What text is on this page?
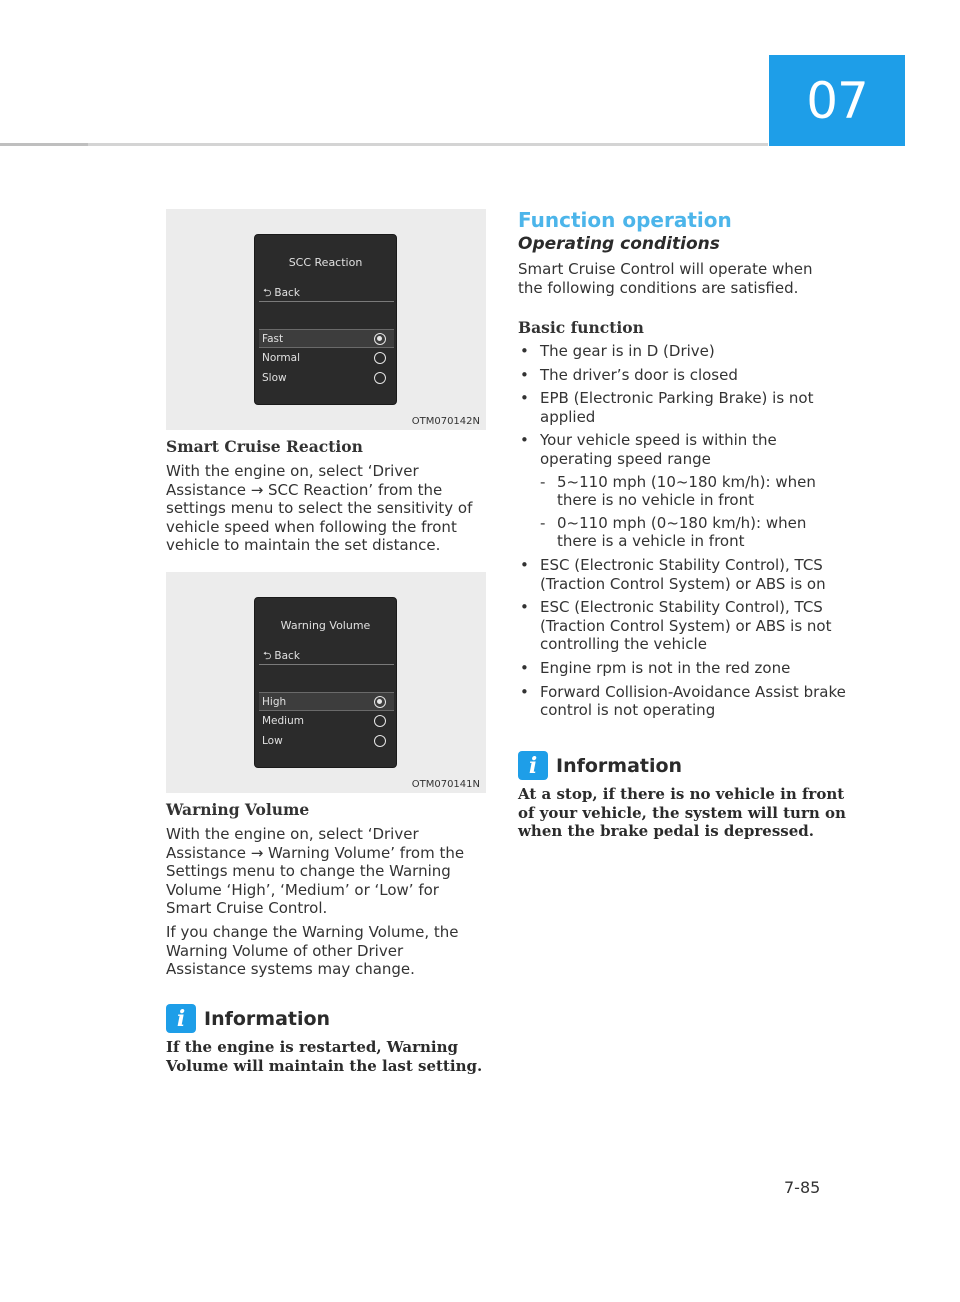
07
SCC Reaction
⮌ Back
Fast
Normal
Slow
OTM070142N
Smart Cruise Reaction
With the engine on, select ‘Driver Assistance → SCC Reaction’ from the settings menu to select the sensitivity of vehicle speed when following the front vehicle to maintain the set distance.
Warning Volume
⮌ Back
High
Medium
Low
OTM070141N
Warning Volume
With the engine on, select ‘Driver Assistance → Warning Volume’ from the Settings menu to change the Warning Volume ‘High’, ‘Medium’ or ‘Low’ for Smart Cruise Control.
If you change the Warning Volume, the Warning Volume of other Driver Assistance systems may change.
i Information
If the engine is restarted, Warning Volume will maintain the last setting.
Function operation
Operating conditions
Smart Cruise Control will operate when the following conditions are satisfied.
Basic function
• The gear is in D (Drive)
• The driver’s door is closed
• EPB (Electronic Parking Brake) is not applied
• Your vehicle speed is within the operating speed range
- 5~110 mph (10~180 km/h): when there is no vehicle in front
- 0~110 mph (0~180 km/h): when there is a vehicle in front
• ESC (Electronic Stability Control), TCS (Traction Control System) or ABS is on
• ESC (Electronic Stability Control), TCS (Traction Control System) or ABS is not controlling the vehicle
• Engine rpm is not in the red zone
• Forward Collision-Avoidance Assist brake control is not operating
i Information
At a stop, if there is no vehicle in front of your vehicle, the system will turn on when the brake pedal is depressed.
7-85
